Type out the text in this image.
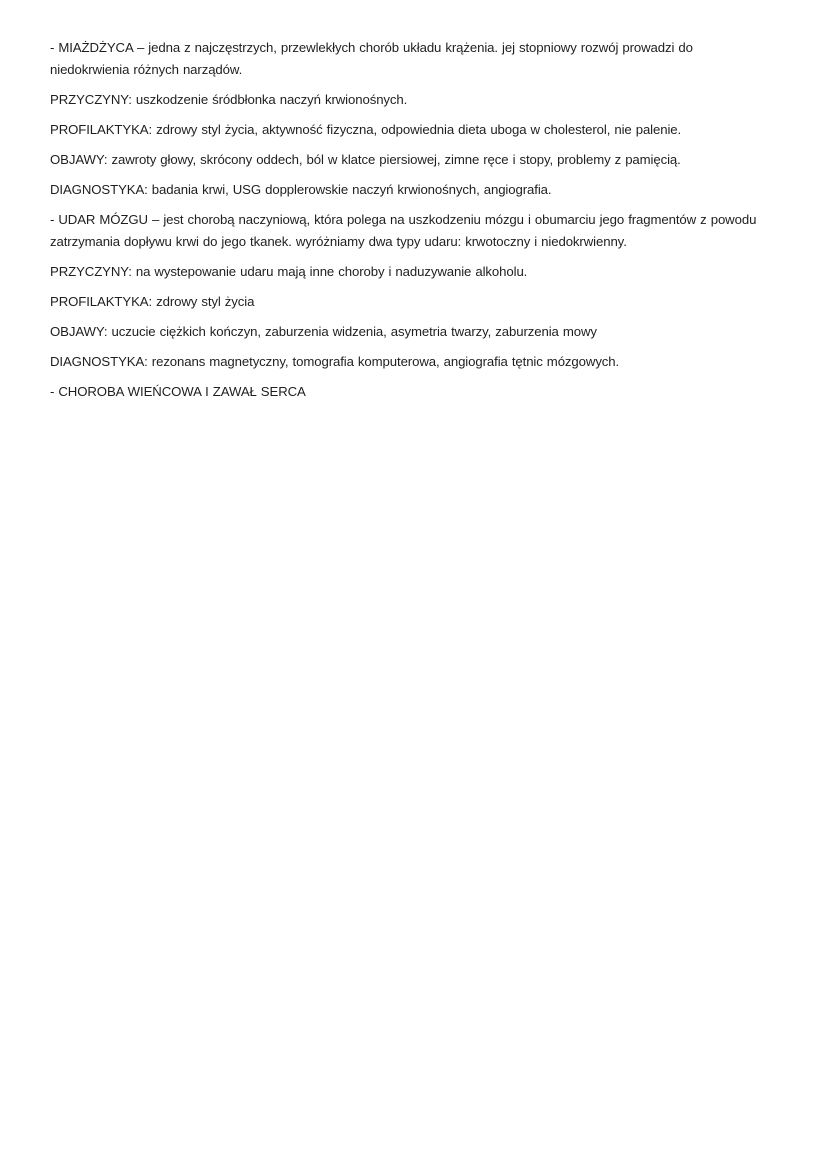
- MIAŻDŻYCA – jedna z najczęstrzych, przewlekłych chorób układu krążenia. jej stopniowy rozwój prowadzi do niedokrwienia różnych narządów.

PRZYCZYNY: uszkodzenie śródbłonka naczyń krwionośnych.

PROFILAKTYKA: zdrowy styl życia, aktywność fizyczna, odpowiednia dieta uboga w cholesterol, nie palenie.

OBJAWY: zawroty głowy, skrócony oddech, ból w klatce piersiowej, zimne ręce i stopy, problemy z pamięcią.

DIAGNOSTYKA: badania krwi, USG dopplerowskie naczyń krwionośnych, angiografia.

- UDAR MÓZGU – jest chorobą naczyniową, która polega na uszkodzeniu mózgu i obumarciu jego fragmentów z powodu zatrzymania dopływu krwi do jego tkanek. wyróżniamy dwa typy udaru: krwotoczny i niedokrwienny.

PRZYCZYNY: na wystepowanie udaru mają inne choroby i naduzywanie alkoholu.

PROFILAKTYKA: zdrowy styl życia

OBJAWY: uczucie ciężkich kończyn, zaburzenia widzenia, asymetria twarzy, zaburzenia mowy

DIAGNOSTYKA: rezonans magnetyczny, tomografia komputerowa, angiografia tętnic mózgowych.

- CHOROBA WIEŃCOWA I ZAWAŁ SERCA
